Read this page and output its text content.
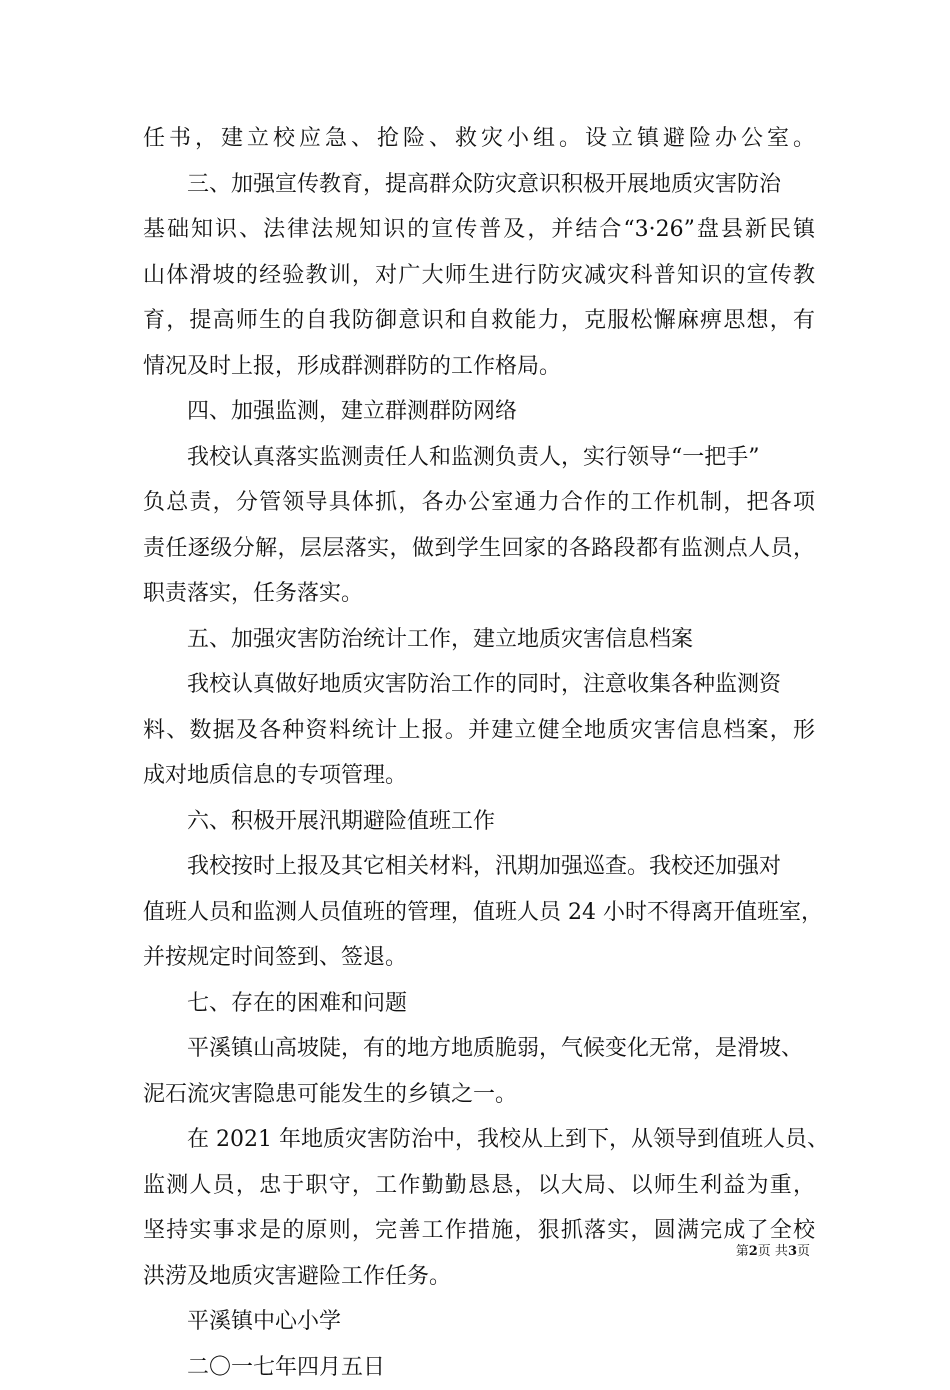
任书，建立校应急、抢险、救灾小组。设立镇避险办公室。
三、加强宣传教育，提高群众防灾意识积极开展地质灾害防治
基础知识、法律法规知识的宣传普及，并结合“3·26”盘县新民镇
山体滑坡的经验教训，对广大师生进行防灾减灾科普知识的宣传教
育，提高师生的自我防御意识和自救能力，克服松懈麻痹思想，有
情况及时上报，形成群测群防的工作格局。
四、加强监测，建立群测群防网络
我校认真落实监测责任人和监测负责人，实行领导“一把手”
负总责，分管领导具体抓，各办公室通力合作的工作机制，把各项
责任逐级分解，层层落实，做到学生回家的各路段都有监测点人员，
职责落实，任务落实。
五、加强灾害防治统计工作，建立地质灾害信息档案
我校认真做好地质灾害防治工作的同时，注意收集各种监测资
料、数据及各种资料统计上报。并建立健全地质灾害信息档案，形
成对地质信息的专项管理。
六、积极开展汛期避险值班工作
我校按时上报及其它相关材料，汛期加强巡查。我校还加强对
值班人员和监测人员值班的管理，值班人员 24 小时不得离开值班室，
并按规定时间签到、签退。
七、存在的困难和问题
平溪镇山高坡陡，有的地方地质脆弱，气候变化无常，是滑坡、
泥石流灾害隐患可能发生的乡镇之一。
在 2021 年地质灾害防治中，我校从上到下，从领导到值班人员、
监测人员，忠于职守，工作勤勤恳恳，以大局、以师生利益为重，
坚持实事求是的原则，完善工作措施，狠抓落实，圆满完成了全校
洪涝及地质灾害避险工作任务。
平溪镇中心小学
二〇一七年四月五日
第2页 共3页
